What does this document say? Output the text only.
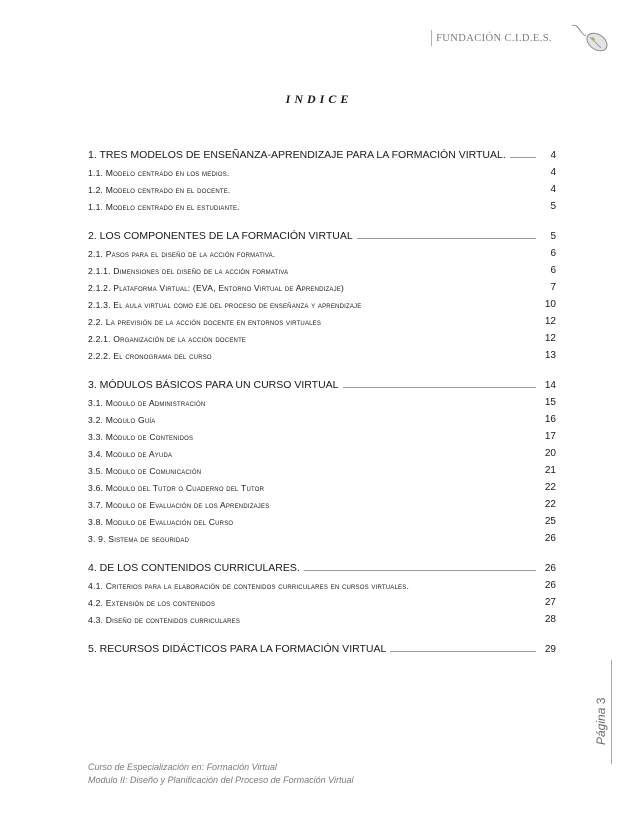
FUNDACIÓN C.I.D.E.S.
INDICE
1. TRES MODELOS DE ENSEÑANZA-APRENDIZAJE PARA LA FORMACIÓN VIRTUAL.	4
1.1. Modelo centrado en los medios.	4
1.2. Modelo centrado en el docente.	4
1.1. Modelo centrado en el estudiante.	5
2. LOS COMPONENTES DE LA FORMACIÓN VIRTUAL	5
2.1. Pasos para el diseño de la acción formativa.	6
2.1.1. Dimensiones del diseño de la acción formativa	6
2.1.2. Plataforma Virtual: (EVA, Entorno Virtual de Aprendizaje)	7
2.1.3. El aula virtual como eje del proceso de enseñanza y aprendizaje	10
2.2. La previsión de la acción docente en entornos virtuales	12
2.2.1. Organización de la acción docente	12
2.2.2. El cronograma del curso	13
3. MÓDULOS BÁSICOS PARA UN CURSO VIRTUAL	14
3.1. Modulo de Administración	15
3.2. Modulo Guía	16
3.3. Módulo de Contenidos	17
3.4. Modulo de Ayuda	20
3.5. Modulo de Comunicación	21
3.6. Modulo del Tutor o Cuaderno del Tutor	22
3.7. Modulo de Evaluación de los Aprendizajes	22
3.8. Modulo de Evaluación del Curso	25
3. 9. Sistema de seguridad	26
4. DE LOS CONTENIDOS CURRICULARES.	26
4.1. Criterios para la elaboración de contenidos curriculares en cursos virtuales.	26
4.2. Extensión de los contenidos	27
4.3. Diseño de contenidos curriculares	28
5. RECURSOS DIDÁCTICOS PARA LA FORMACIÓN VIRTUAL	29
Página 3
Curso de Especialización en: Formación Virtual
Modulo II: Diseño y Planificación del Proceso de Formación Virtual
